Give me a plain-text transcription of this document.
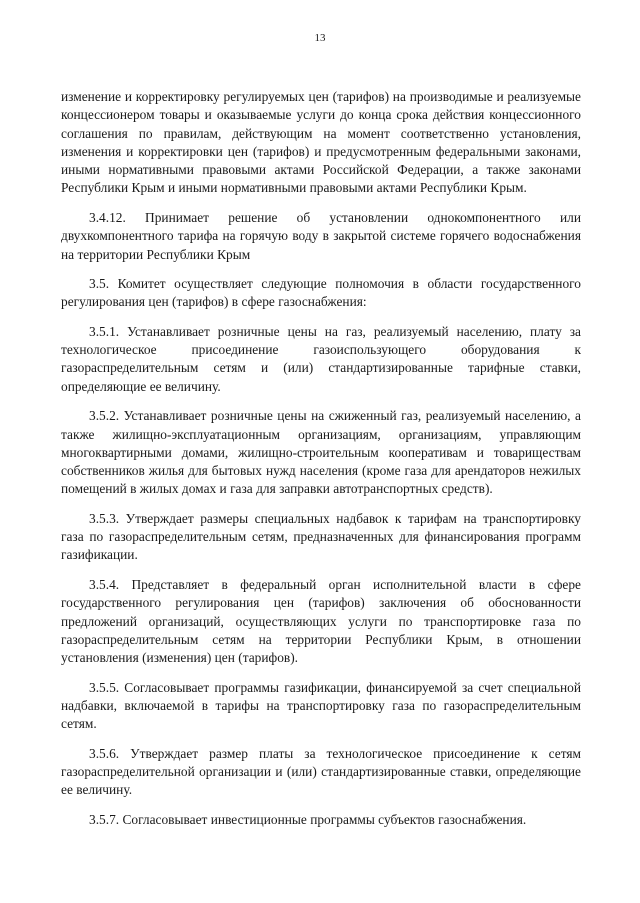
13

изменение и корректировку регулируемых цен (тарифов) на производимые и реализуемые концессионером товары и оказываемые услуги до конца срока действия концессионного соглашения по правилам, действующим на момент соответственно установления, изменения и корректировки цен (тарифов) и предусмотренным федеральными законами, иными нормативными правовыми актами Российской Федерации, а также законами Республики Крым и иными нормативными правовыми актами Республики Крым.

3.4.12. Принимает решение об установлении однокомпонентного или двухкомпонентного тарифа на горячую воду в закрытой системе горячего водоснабжения на территории Республики Крым

3.5. Комитет осуществляет следующие полномочия в области государственного регулирования цен (тарифов) в сфере газоснабжения:

3.5.1. Устанавливает розничные цены на газ, реализуемый населению, плату за технологическое присоединение газоиспользующего оборудования к газораспределительным сетям и (или) стандартизированные тарифные ставки, определяющие ее величину.

3.5.2. Устанавливает розничные цены на сжиженный газ, реализуемый населению, а также жилищно-эксплуатационным организациям, организациям, управляющим многоквартирными домами, жилищно-строительным кооперативам и товариществам собственников жилья для бытовых нужд населения (кроме газа для арендаторов нежилых помещений в жилых домах и газа для заправки автотранспортных средств).

3.5.3. Утверждает размеры специальных надбавок к тарифам на транспортировку газа по газораспределительным сетям, предназначенных для финансирования программ газификации.

3.5.4. Представляет в федеральный орган исполнительной власти в сфере государственного регулирования цен (тарифов) заключения об обоснованности предложений организаций, осуществляющих услуги по транспортировке газа по газораспределительным сетям на территории Республики Крым, в отношении установления (изменения) цен (тарифов).

3.5.5. Согласовывает программы газификации, финансируемой за счет специальной надбавки, включаемой в тарифы на транспортировку газа по газораспределительным сетям.

3.5.6. Утверждает размер платы за технологическое присоединение к сетям газораспределительной организации и (или) стандартизированные ставки, определяющие ее величину.

3.5.7. Согласовывает инвестиционные программы субъектов газоснабжения.
